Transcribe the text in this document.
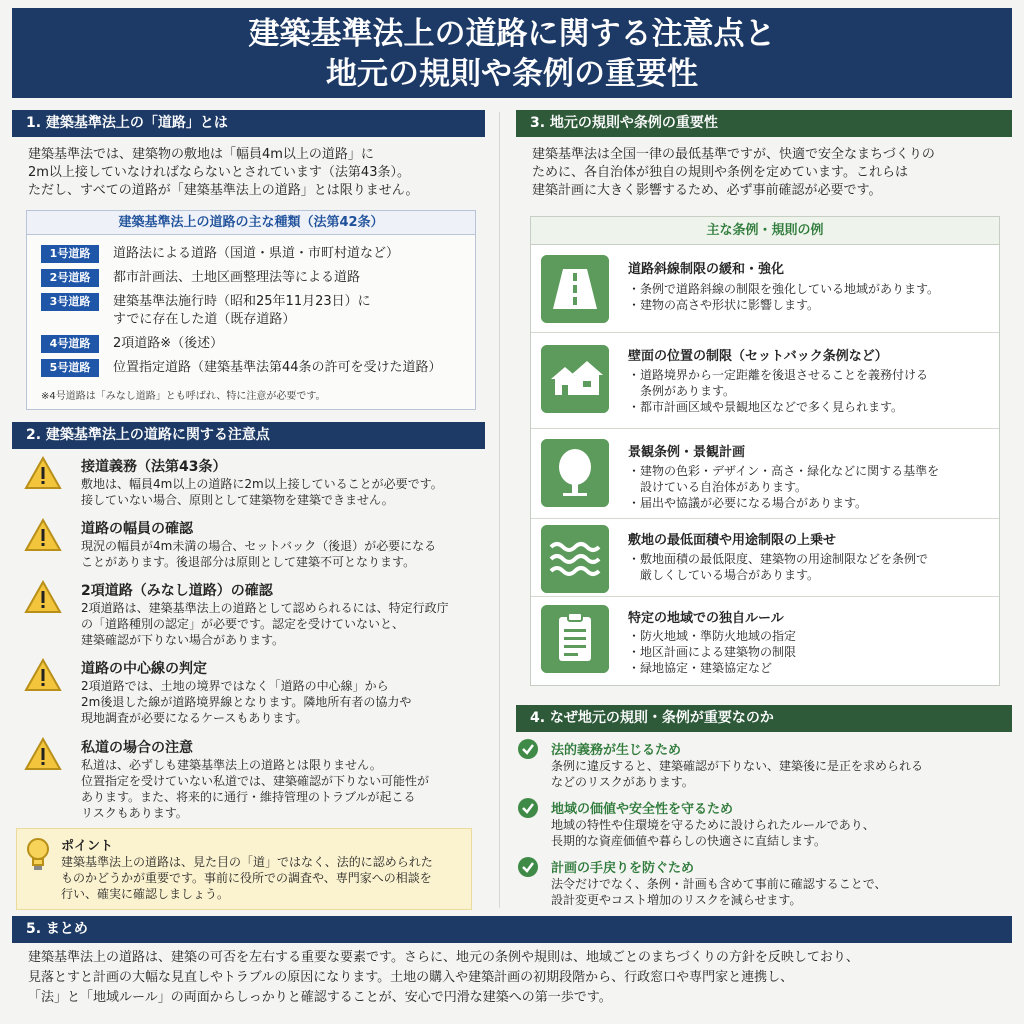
建築基準法上の道路に関する注意点と
地元の規則や条例の重要性
1. 建築基準法上の「道路」とは
建築基準法では、建築物の敷地は「幅員4m以上の道路」に
2m以上接していなければならないとされています（法第43条）。
ただし、すべての道路が「建築基準法上の道路」とは限りません。
建築基準法上の道路の主な種類（法第42条）
1号道路	道路法による道路（国道・県道・市町村道など）
2号道路	都市計画法、土地区画整理法等による道路
3号道路	建築基準法施行時（昭和25年11月23日）に
すでに存在した道（既存道路）
4号道路	2項道路※（後述）
5号道路	位置指定道路（建築基準法第44条の許可を受けた道路）
※4号道路は「みなし道路」とも呼ばれ、特に注意が必要です。
2. 建築基準法上の道路に関する注意点
接道義務（法第43条）
敷地は、幅員4m以上の道路に2m以上接していることが必要です。
接していない場合、原則として建築物を建築できません。
道路の幅員の確認
現況の幅員が4m未満の場合、セットバック（後退）が必要になる
ことがあります。後退部分は原則として建築不可となります。
2項道路（みなし道路）の確認
2項道路は、建築基準法上の道路として認められるには、特定行政庁
の「道路種別の認定」が必要です。認定を受けていないと、
建築確認が下りない場合があります。
道路の中心線の判定
2項道路では、土地の境界ではなく「道路の中心線」から
2m後退した線が道路境界線となります。隣地所有者の協力や
現地調査が必要になるケースもあります。
私道の場合の注意
私道は、必ずしも建築基準法上の道路とは限りません。
位置指定を受けていない私道では、建築確認が下りない可能性が
あります。また、将来的に通行・維持管理のトラブルが起こる
リスクもあります。
ポイント
建築基準法上の道路は、見た目の「道」ではなく、法的に認められた
ものかどうかが重要です。事前に役所での調査や、専門家への相談を
行い、確実に確認しましょう。
3. 地元の規則や条例の重要性
建築基準法は全国一律の最低基準ですが、快適で安全なまちづくりの
ために、各自治体が独自の規則や条例を定めています。これらは
建築計画に大きく影響するため、必ず事前確認が必要です。
主な条例・規則の例
道路斜線制限の緩和・強化
・条例で道路斜線の制限を強化している地域があります。
・建物の高さや形状に影響します。
壁面の位置の制限（セットバック条例など）
・道路境界から一定距離を後退させることを義務付ける
条例があります。
・都市計画区域や景観地区などで多く見られます。
景観条例・景観計画
・建物の色彩・デザイン・高さ・緑化などに関する基準を
設けている自治体があります。
・届出や協議が必要になる場合があります。
敷地の最低面積や用途制限の上乗せ
・敷地面積の最低限度、建築物の用途制限などを条例で
厳しくしている場合があります。
特定の地域での独自ルール
・防火地域・準防火地域の指定
・地区計画による建築物の制限
・緑地協定・建築協定など
4. なぜ地元の規則・条例が重要なのか
法的義務が生じるため
条例に違反すると、建築確認が下りない、建築後に是正を求められる
などのリスクがあります。
地域の価値や安全性を守るため
地域の特性や住環境を守るために設けられたルールであり、
長期的な資産価値や暮らしの快適さに直結します。
計画の手戻りを防ぐため
法令だけでなく、条例・計画も含めて事前に確認することで、
設計変更やコスト増加のリスクを減らせます。
5. まとめ
建築基準法上の道路は、建築の可否を左右する重要な要素です。さらに、地元の条例や規則は、地域ごとのまちづくりの方針を反映しており、
見落とすと計画の大幅な見直しやトラブルの原因になります。土地の購入や建築計画の初期段階から、行政窓口や専門家と連携し、
「法」と「地域ルール」の両面からしっかりと確認することが、安心で円滑な建築への第一歩です。
